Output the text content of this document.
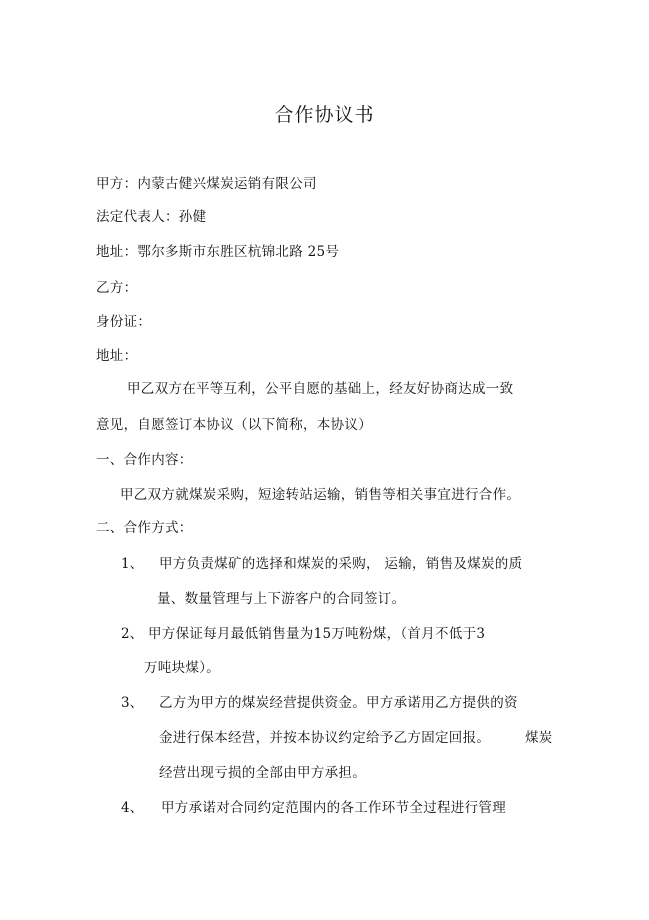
合作协议书
甲方：内蒙古健兴煤炭运销有限公司
法定代表人：孙健
地址：鄂尔多斯市东胜区杭锦北路 25号
乙方：
身份证：
地址：
甲乙双方在平等互利，公平自愿的基础上，经友好协商达成一致
意见，自愿签订本协议（以下简称，本协议）
一、合作内容：
甲乙双方就煤炭采购，短途转站运输，销售等相关事宜进行合作。
二、合作方式：
1、 甲方负责煤矿的选择和煤炭的采购， 运输，销售及煤炭的质
量、数量管理与上下游客户的合同签订。
2、 甲方保证每月最低销售量为15万吨粉煤，（首月不低于3
万吨块煤）。
3、 乙方为甲方的煤炭经营提供资金。甲方承诺用乙方提供的资
金进行保本经营，并按本协议约定给予乙方固定回报。	煤炭
经营出现亏损的全部由甲方承担。
4、 甲方承诺对合同约定范围内的各工作环节全过程进行管理
